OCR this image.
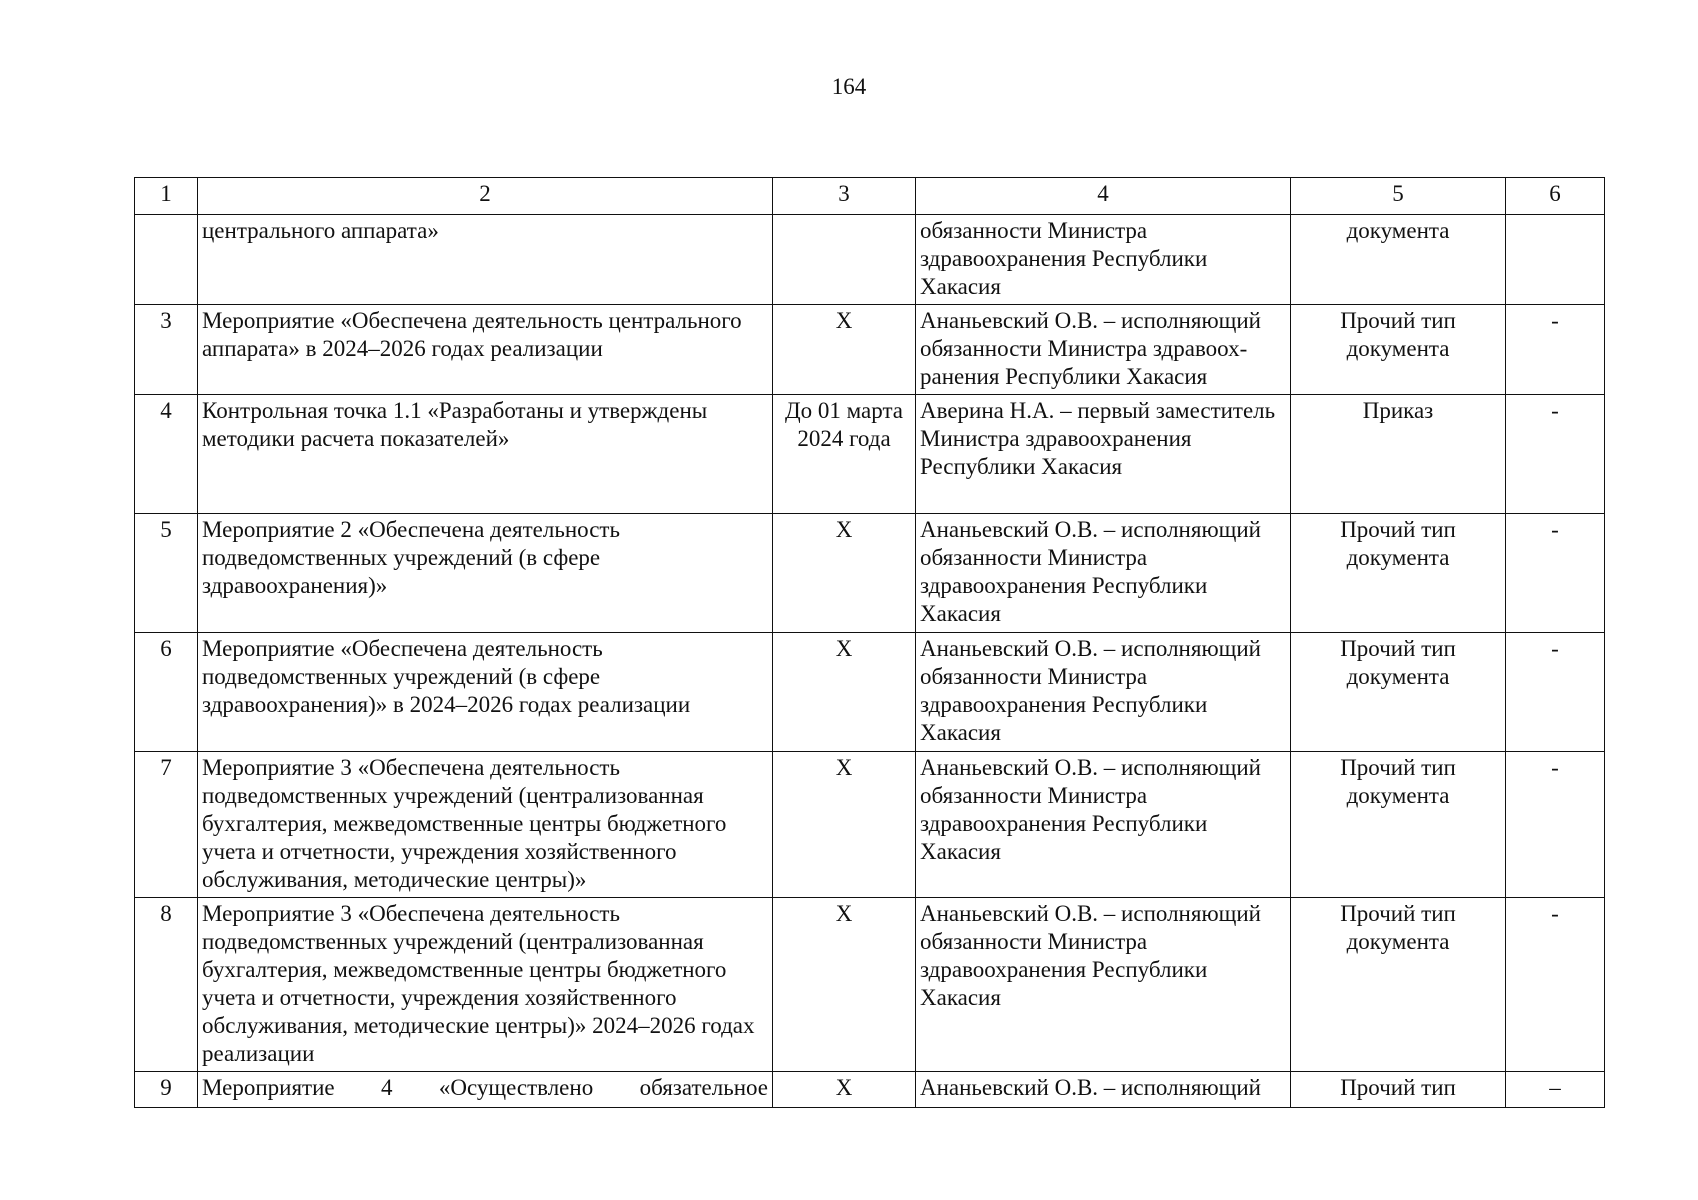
164
1	2	3	4	5	6
	центрального аппарата»		обязанности Министра здравоохранения Республики Хакасия	документа	
3	Мероприятие «Обеспечена деятельность центрального аппарата» в 2024–2026 годах реализации	Х	Ананьевский О.В. – исполняющий обязанности Министра здравоох-ранения Республики Хакасия	Прочий тип документа	-
4	Контрольная точка 1.1 «Разработаны и утверждены методики расчета показателей»	До 01 марта 2024 года	Аверина Н.А. – первый заместитель Министра здравоохранения Республики Хакасия	Приказ	-
5	Мероприятие 2 «Обеспечена деятельность подведомственных учреждений (в сфере здравоохранения)»	Х	Ананьевский О.В. – исполняющий обязанности Министра здравоохранения Республики Хакасия	Прочий тип документа	-
6	Мероприятие «Обеспечена деятельность подведомственных учреждений (в сфере здравоохранения)» в 2024–2026 годах реализации	Х	Ананьевский О.В. – исполняющий обязанности Министра здравоохранения Республики Хакасия	Прочий тип документа	-
7	Мероприятие 3 «Обеспечена деятельность подведомственных учреждений (централизованная бухгалтерия, межведомственные центры бюджетного учета и отчетности, учреждения хозяйственного обслуживания, методические центры)»	Х	Ананьевский О.В. – исполняющий обязанности Министра здравоохранения Республики Хакасия	Прочий тип документа	-
8	Мероприятие 3 «Обеспечена деятельность подведомственных учреждений (централизованная бухгалтерия, межведомственные центры бюджетного учета и отчетности, учреждения хозяйственного обслуживания, методические центры)» 2024–2026 годах реализации	Х	Ананьевский О.В. – исполняющий обязанности Министра здравоохранения Республики Хакасия	Прочий тип документа	-
9	Мероприятие 4 «Осуществлено обязательное	Х	Ананьевский О.В. – исполняющий	Прочий тип	–
